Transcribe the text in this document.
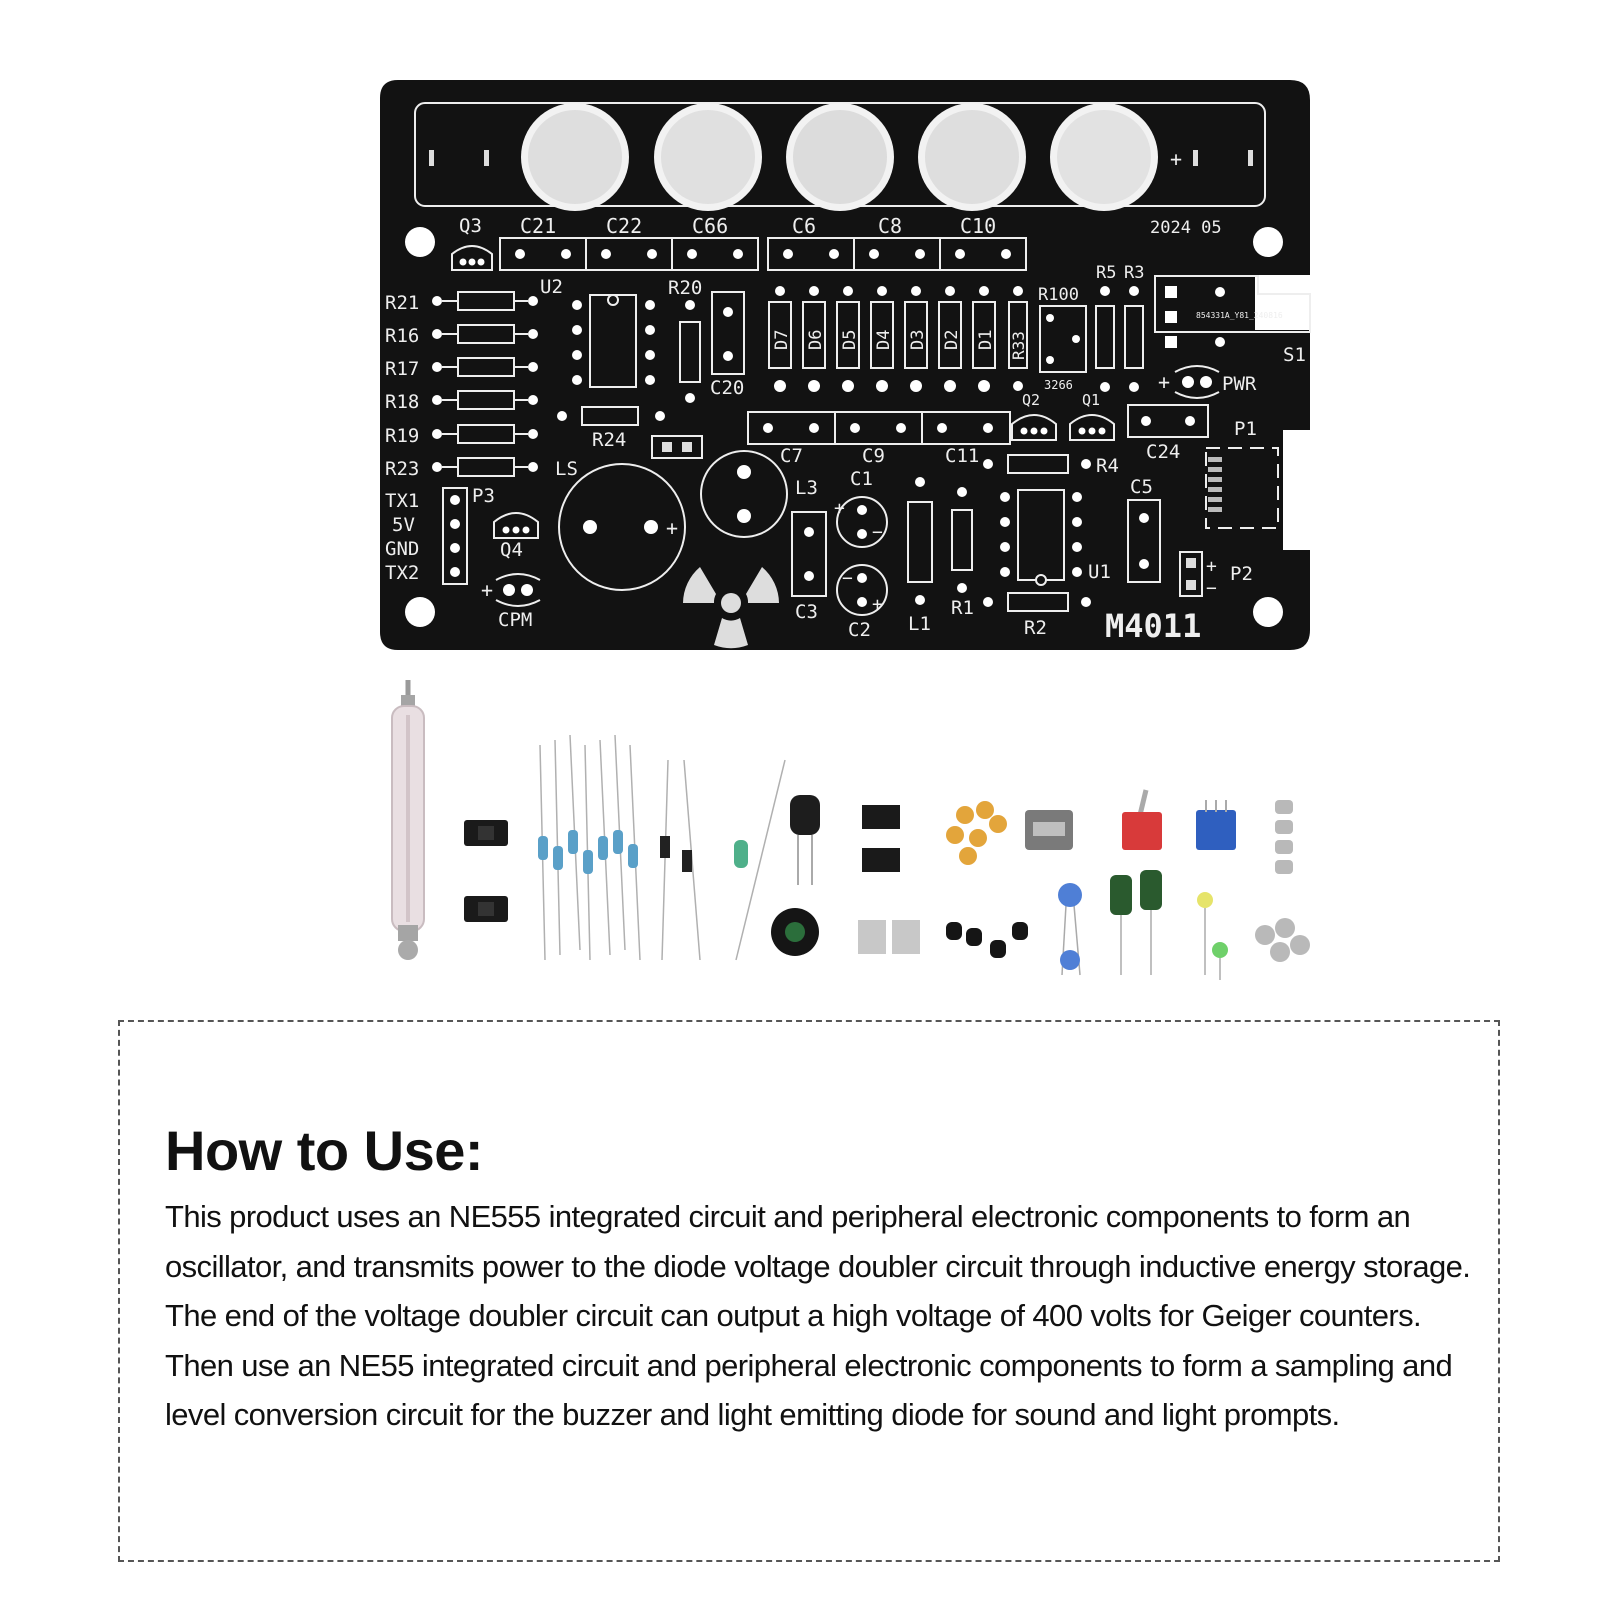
+
C21 C22 C66	C6	C8	C10	2024 05
Q3
R21
R16
R17
R18
R19
R23
U2	R20
C20
R24
D7 D6 D5 D4 D3 D2 D1 R33
R100
3266
R5 R3
854331A_Y81_240816
S1
+	PWR
C7	C9	C11
Q2	Q1
C24
P1
R4
U1
C5
+
−
P2
R2
R1
L1
+
−
C1
−
+
C2
C3
L3
+
LS
P3
TX1
5V
GND
TX2
Q4
+
CPM	M4011
How to Use:

This product uses an NE555 integrated circuit and peripheral electronic components to form an oscillator, and transmits power to the diode voltage doubler circuit through inductive energy storage. The end of the voltage doubler circuit can output a high voltage of 400 volts for Geiger counters. Then use an NE55 integrated circuit and peripheral electronic components to form a sampling and level conversion circuit for the buzzer and light emitting diode for sound and light prompts.
